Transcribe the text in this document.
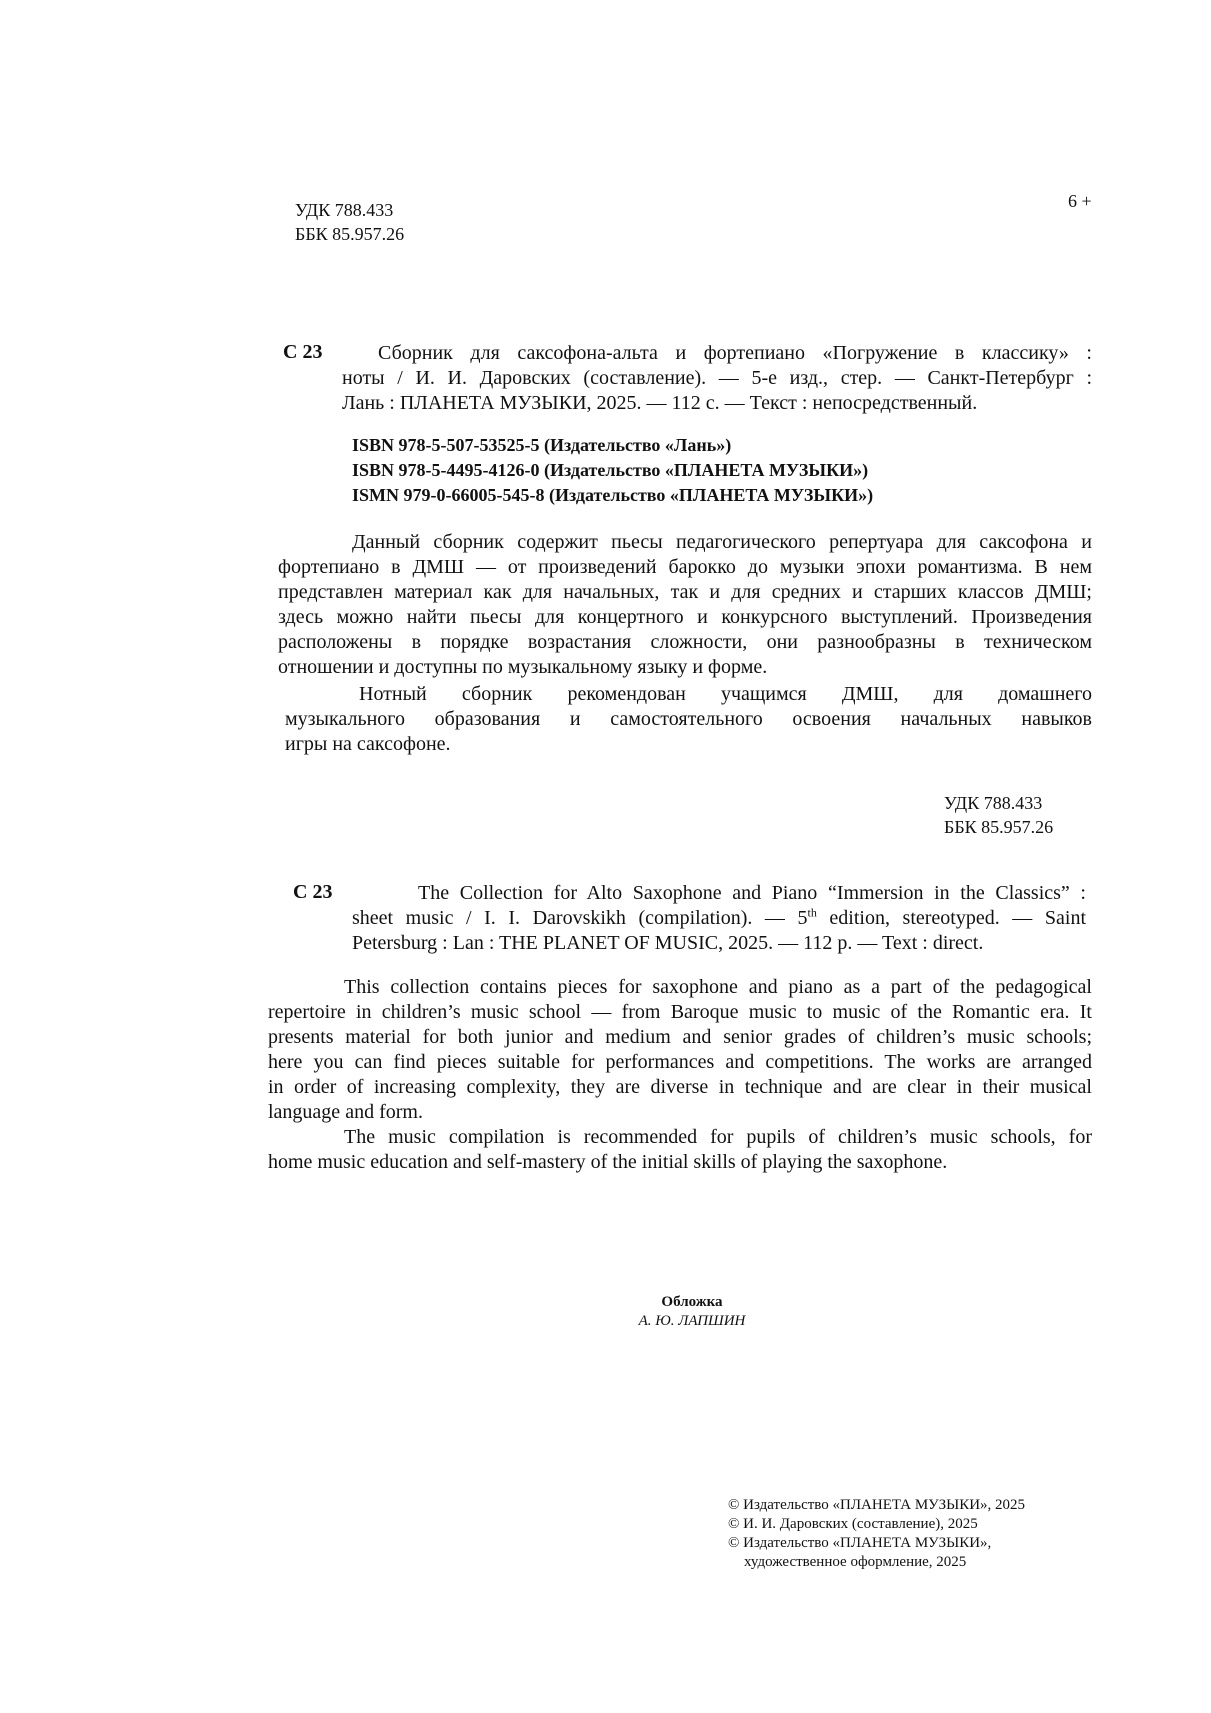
УДК 788.433
ББК 85.957.26
6 +
С 23	Сборник для саксофона-альта и фортепиано «Погружение в классику» :
ноты / И. И. Даровских (составление). — 5-е изд., стер. — Санкт-Петербург :
Лань : ПЛАНЕТА МУЗЫКИ, 2025. — 112 с. — Текст : непосредственный.
ISBN 978-5-507-53525-5 (Издательство «Лань»)
ISBN 978-5-4495-4126-0 (Издательство «ПЛАНЕТА МУЗЫКИ»)
ISMN 979-0-66005-545-8 (Издательство «ПЛАНЕТА МУЗЫКИ»)
Данный сборник содержит пьесы педагогического репертуара для саксофона и
фортепиано в ДМШ — от произведений барокко до музыки эпохи романтизма. В нем
представлен материал как для начальных, так и для средних и старших классов ДМШ;
здесь можно найти пьесы для концертного и конкурсного выступлений. Произведения
расположены в порядке возрастания сложности, они разнообразны в техническом
отношении и доступны по музыкальному языку и форме.
Нотный сборник рекомендован учащимся ДМШ, для домашнего
музыкального образования и самостоятельного освоения начальных навыков
игры на саксофоне.
УДК 788.433
ББК 85.957.26
С 23	The Collection for Alto Saxophone and Piano “Immersion in the Classics” :
sheet music / I. I. Darovskikh (compilation). — 5th edition, stereotyped. — Saint
Petersburg : Lan : THE PLANET OF MUSIC, 2025. — 112 p. — Text : direct.
This collection contains pieces for saxophone and piano as a part of the pedagogical
repertoire in children’s music school — from Baroque music to music of the Romantic era. It
presents material for both junior and medium and senior grades of children’s music schools;
here you can find pieces suitable for performances and competitions. The works are arranged
in order of increasing complexity, they are diverse in technique and are clear in their musical
language and form.
The music compilation is recommended for pupils of children’s music schools, for
home music education and self-mastery of the initial skills of playing the saxophone.
Обложка
А. Ю. ЛАПШИН
© Издательство «ПЛАНЕТА МУЗЫКИ», 2025
© И. И. Даровских (составление), 2025
© Издательство «ПЛАНЕТА МУЗЫКИ»,
художественное оформление, 2025
